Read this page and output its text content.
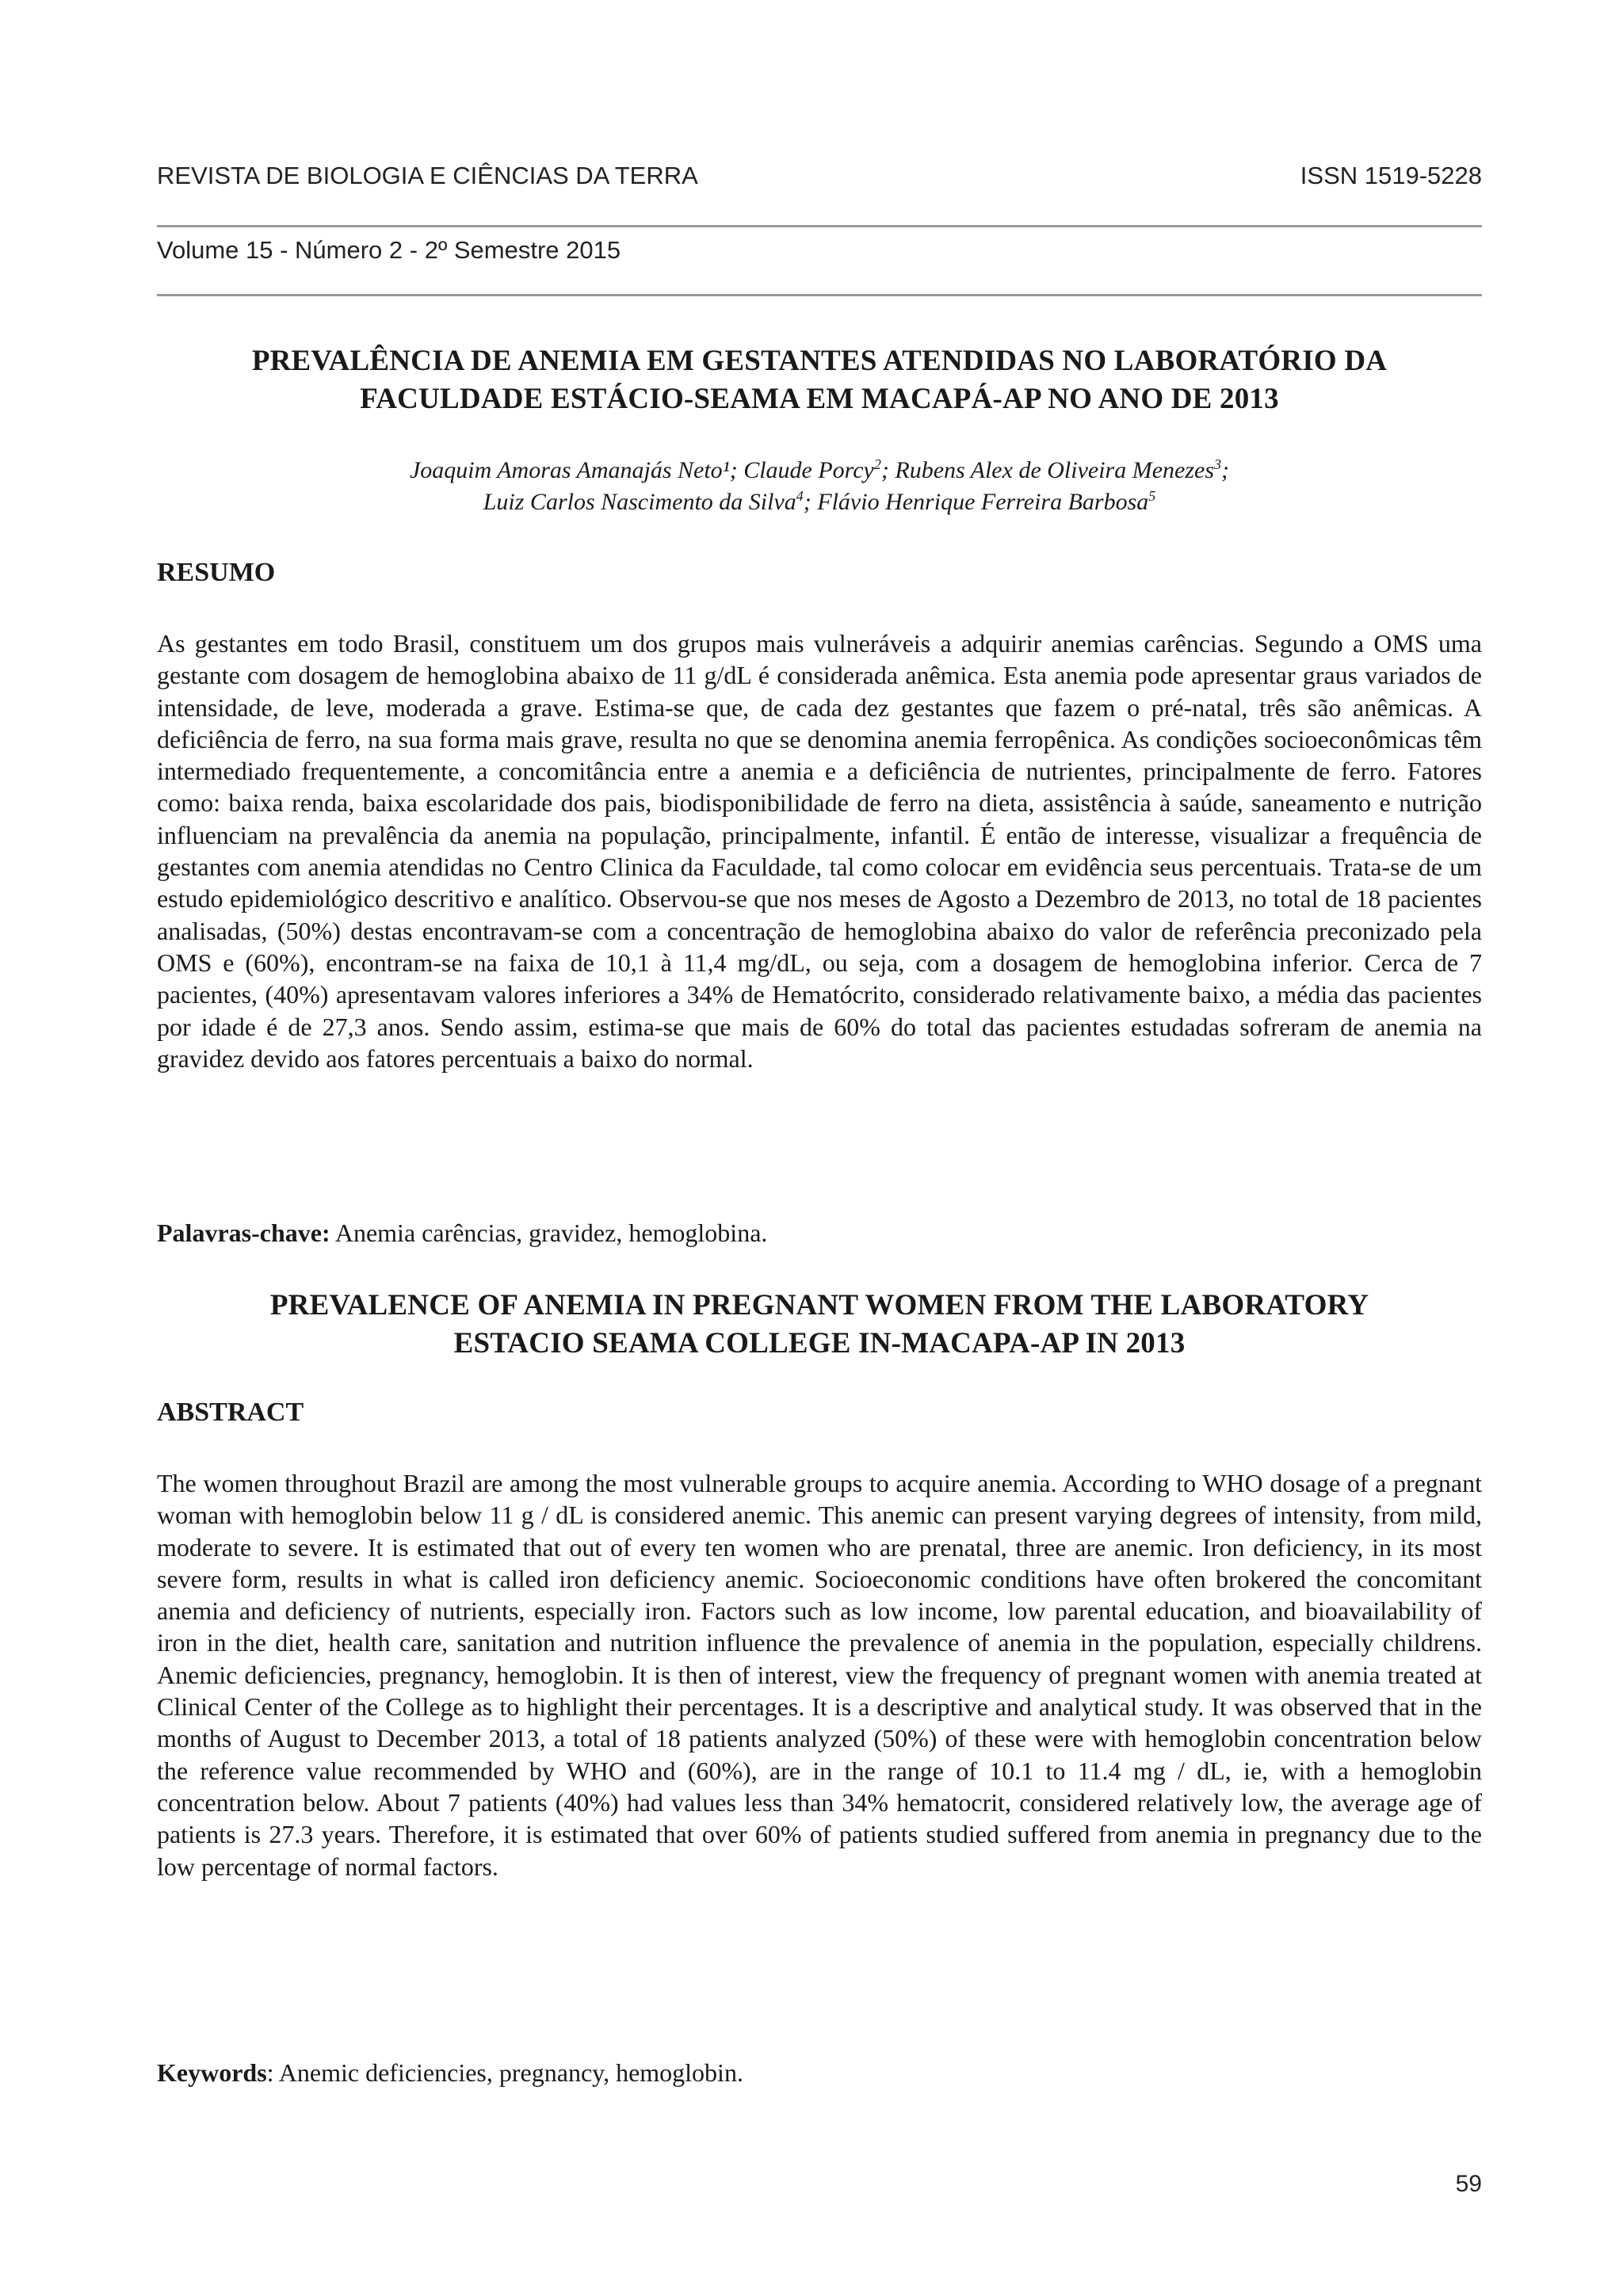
REVISTA DE BIOLOGIA E CIÊNCIAS DA TERRA	ISSN 1519-5228
Volume 15 - Número 2 - 2º Semestre 2015
PREVALÊNCIA DE ANEMIA EM GESTANTES ATENDIDAS NO LABORATÓRIO DA
FACULDADE ESTÁCIO-SEAMA EM MACAPÁ-AP NO ANO DE 2013
Joaquim Amoras Amanajás Neto¹; Claude Porcy$^2$; Rubens Alex de Oliveira Menezes$^3$;
Luiz Carlos Nascimento da Silva$^4$; Flávio Henrique Ferreira Barbosa$^5$
RESUMO
As gestantes em todo Brasil, constituem um dos grupos mais vulneráveis a adquirir anemias carências. Segundo a OMS uma gestante com dosagem de hemoglobina abaixo de 11 g/dL é considerada anêmica. Esta anemia pode apresentar graus variados de intensidade, de leve, moderada a grave. Estima-se que, de cada dez gestantes que fazem o pré-natal, três são anêmicas. A deficiência de ferro, na sua forma mais grave, resulta no que se denomina anemia ferropênica. As condições socioeconômicas têm intermediado frequentemente, a concomitância entre a anemia e a deficiência de nutrientes, principalmente de ferro. Fatores como: baixa renda, baixa escolaridade dos pais, biodisponibilidade de ferro na dieta, assistência à saúde, saneamento e nutrição influenciam na prevalência da anemia na população, principalmente, infantil. É então de interesse, visualizar a frequência de gestantes com anemia atendidas no Centro Clinica da Faculdade, tal como colocar em evidência seus percentuais. Trata-se de um estudo epidemiológico descritivo e analítico. Observou-se que nos meses de Agosto a Dezembro de 2013, no total de 18 pacientes analisadas, (50%) destas encontravam-se com a concentração de hemoglobina abaixo do valor de referência preconizado pela OMS e (60%), encontram-se na faixa de 10,1 à 11,4 mg/dL, ou seja, com a dosagem de hemoglobina inferior. Cerca de 7 pacientes, (40%) apresentavam valores inferiores a 34% de Hematócrito, considerado relativamente baixo, a média das pacientes por idade é de 27,3 anos. Sendo assim, estima-se que mais de 60% do total das pacientes estudadas sofreram de anemia na gravidez devido aos fatores percentuais a baixo do normal.
Palavras-chave: Anemia carências, gravidez, hemoglobina.
PREVALENCE OF ANEMIA IN PREGNANT WOMEN FROM THE LABORATORY
ESTACIO SEAMA COLLEGE IN-MACAPA-AP IN 2013
ABSTRACT
The women throughout Brazil are among the most vulnerable groups to acquire anemia. According to WHO dosage of a pregnant woman with hemoglobin below 11 g / dL is considered anemic. This anemic can present varying degrees of intensity, from mild, moderate to severe. It is estimated that out of every ten women who are prenatal, three are anemic. Iron deficiency, in its most severe form, results in what is called iron deficiency anemic. Socioeconomic conditions have often brokered the concomitant anemia and deficiency of nutrients, especially iron. Factors such as low income, low parental education, and bioavailability of iron in the diet, health care, sanitation and nutrition influence the prevalence of anemia in the population, especially childrens. Anemic deficiencies, pregnancy, hemoglobin. It is then of interest, view the frequency of pregnant women with anemia treated at Clinical Center of the College as to highlight their percentages. It is a descriptive and analytical study. It was observed that in the months of August to December 2013, a total of 18 patients analyzed (50%) of these were with hemoglobin concentration below the reference value recommended by WHO and (60%), are in the range of 10.1 to 11.4 mg / dL, ie, with a hemoglobin concentration below. About 7 patients (40%) had values less than 34% hematocrit, considered relatively low, the average age of patients is 27.3 years. Therefore, it is estimated that over 60% of patients studied suffered from anemia in pregnancy due to the low percentage of normal factors.
Keywords: Anemic deficiencies, pregnancy, hemoglobin.
59
